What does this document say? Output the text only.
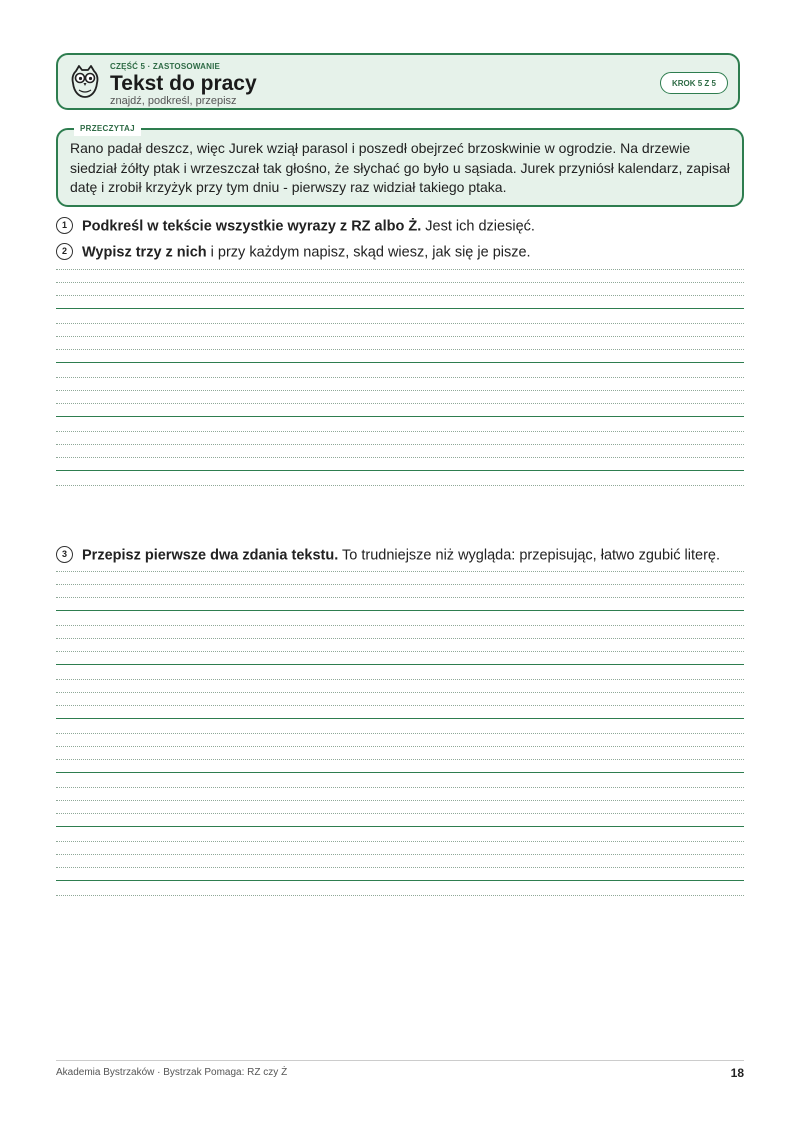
CZĘŚĆ 5 · ZASTOSOWANIE
Tekst do pracy
znajdź, podkreśl, przepisz
KROK 5 Z 5
PRZECZYTAJ
Rano padał deszcz, więc Jurek wziął parasol i poszedł obejrzeć brzoskwinie w ogrodzie. Na drzewie siedział żółty ptak i wrzeszczał tak głośno, że słychać go było u sąsiada. Jurek przyniósł kalendarz, zapisał datę i zrobił krzyżyk przy tym dniu - pierwszy raz widział takiego ptaka.
1 Podkreśl w tekście wszystkie wyrazy z RZ albo Ż. Jest ich dziesięć.
2 Wypisz trzy z nich i przy każdym napisz, skąd wiesz, jak się je pisze.
3 Przepisz pierwsze dwa zdania tekstu. To trudniejsze niż wygląda: przepisując, łatwo zgubić literę.
Akademia Bystrzaków · Bystrzak Pomaga: RZ czy Ż	18
